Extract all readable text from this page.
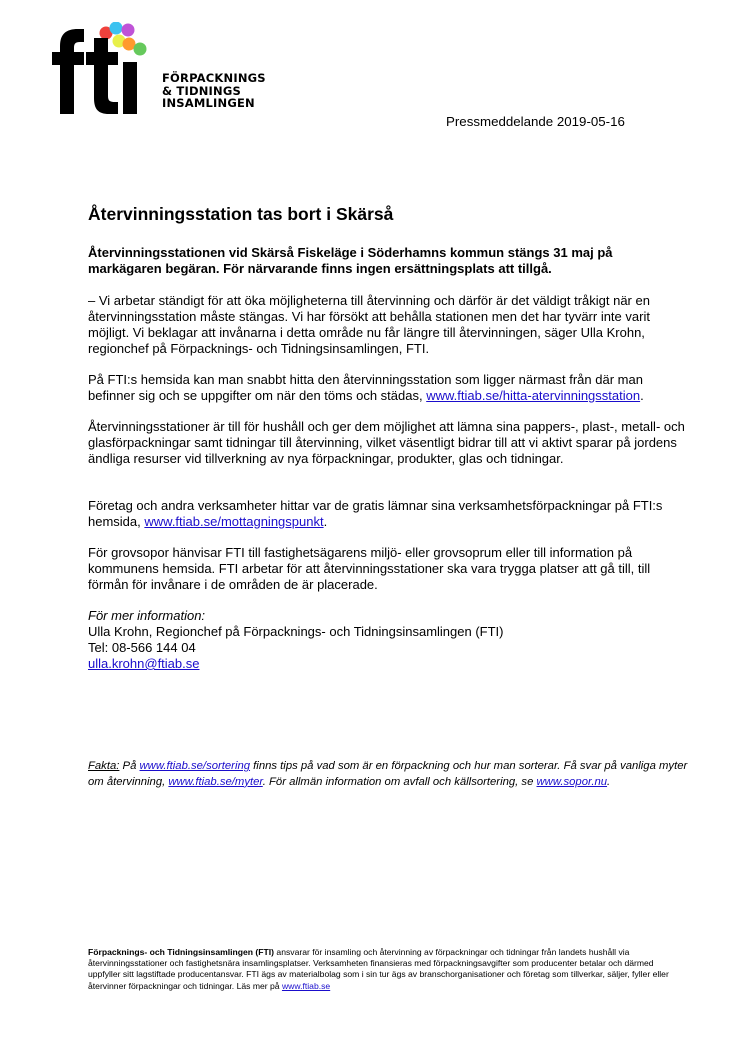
FÖRPACKNINGS
& TIDNINGS
INSAMLINGEN
Pressmeddelande 2019-05-16
Återvinningsstation tas bort i Skärså
Återvinningsstationen vid Skärså Fiskeläge i Söderhamns kommun stängs 31 maj på markägaren begäran. För närvarande finns ingen ersättningsplats att tillgå.
– Vi arbetar ständigt för att öka möjligheterna till återvinning och därför är det väldigt tråkigt när en återvinningsstation måste stängas. Vi har försökt att behålla stationen men det har tyvärr inte varit möjligt. Vi beklagar att invånarna i detta område nu får längre till återvinningen, säger Ulla Krohn, regionchef på Förpacknings- och Tidningsinsamlingen, FTI.
På FTI:s hemsida kan man snabbt hitta den återvinningsstation som ligger närmast från där man befinner sig och se uppgifter om när den töms och städas, www.ftiab.se/hitta-atervinningsstation.
Återvinningsstationer är till för hushåll och ger dem möjlighet att lämna sina pappers-, plast-, metall- och glasförpackningar samt tidningar till återvinning, vilket väsentligt bidrar till att vi aktivt sparar på jordens ändliga resurser vid tillverkning av nya förpackningar, produkter, glas och tidningar.
Företag och andra verksamheter hittar var de gratis lämnar sina verksamhetsförpackningar på FTI:s hemsida, www.ftiab.se/mottagningspunkt.
För grovsopor hänvisar FTI till fastighetsägarens miljö- eller grovsoprum eller till information på kommunens hemsida. FTI arbetar för att återvinningsstationer ska vara trygga platser att gå till, till förmån för invånare i de områden de är placerade.
För mer information:
Ulla Krohn, Regionchef på Förpacknings- och Tidningsinsamlingen (FTI)
Tel: 08-566 144 04
ulla.krohn@ftiab.se
Fakta: På www.ftiab.se/sortering finns tips på vad som är en förpackning och hur man sorterar. Få svar på vanliga myter om återvinning, www.ftiab.se/myter. För allmän information om avfall och källsortering, se www.sopor.nu.
Förpacknings- och Tidningsinsamlingen (FTI) ansvarar för insamling och återvinning av förpackningar och tidningar från landets hushåll via återvinningsstationer och fastighetsnära insamlingsplatser. Verksamheten finansieras med förpackningsavgifter som producenter betalar och därmed uppfyller sitt lagstiftade producentansvar. FTI ägs av materialbolag som i sin tur ägs av branschorganisationer och företag som tillverkar, säljer, fyller eller återvinner förpackningar och tidningar. Läs mer på www.ftiab.se
